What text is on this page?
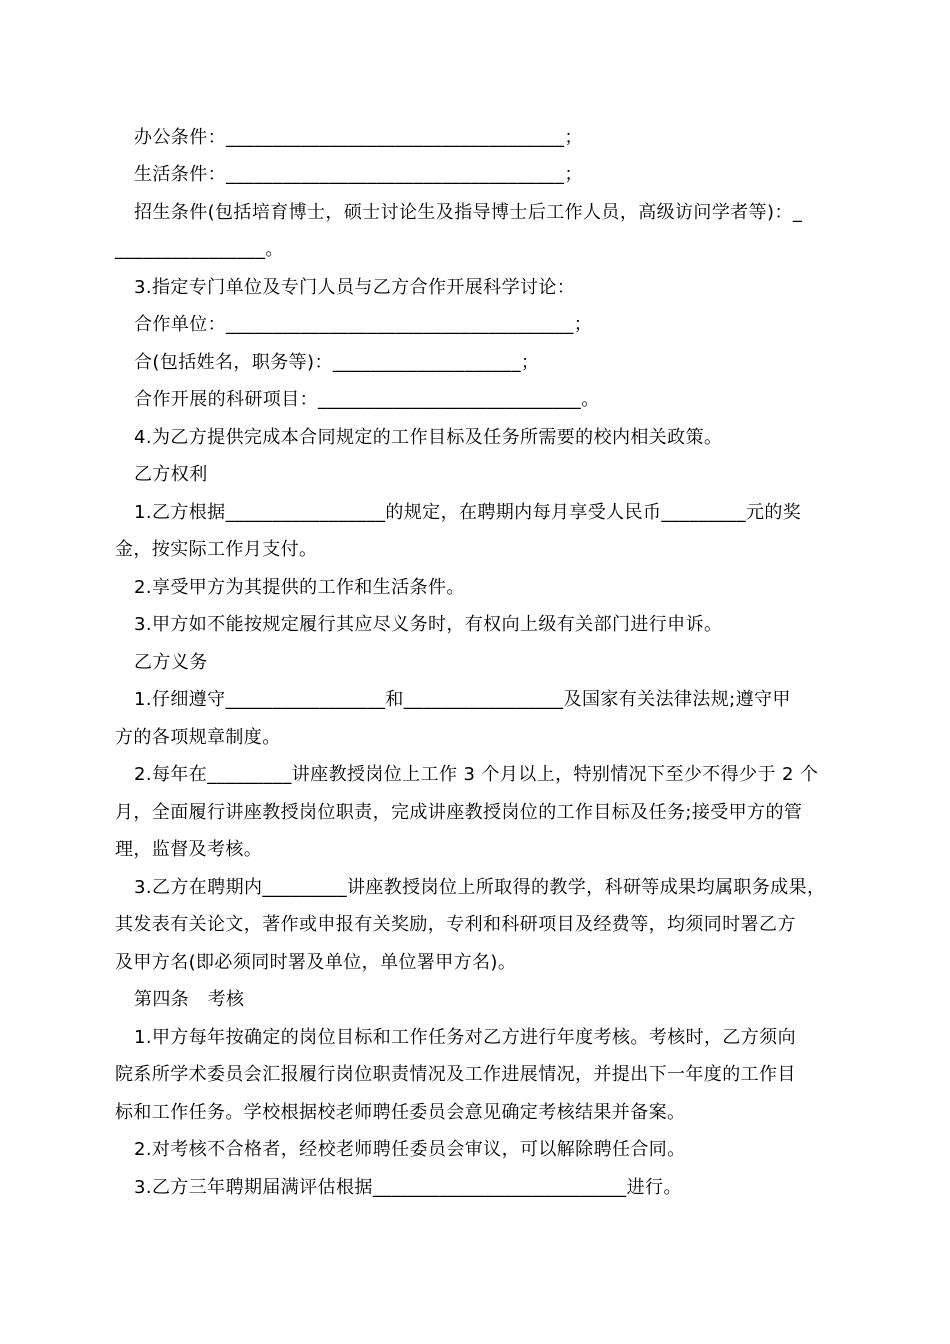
办公条件：____________________________________；
生活条件：____________________________________；
招生条件(包括培育博士，硕士讨论生及指导博士后工作人员，高级访问学者等)：_
________________。
3.指定专门单位及专门人员与乙方合作开展科学讨论：
合作单位：_____________________________________；
合(包括姓名，职务等)：____________________；
合作开展的科研项目：____________________________。
4.为乙方提供完成本合同规定的工作目标及任务所需要的校内相关政策。
乙方权利
1.乙方根据_________________的规定，在聘期内每月享受人民币_________元的奖
金，按实际工作月支付。
2.享受甲方为其提供的工作和生活条件。
3.甲方如不能按规定履行其应尽义务时，有权向上级有关部门进行申诉。
乙方义务
1.仔细遵守_________________和_________________及国家有关法律法规;遵守甲
方的各项规章制度。
2.每年在_________讲座教授岗位上工作 3 个月以上，特别情况下至少不得少于 2 个
月，全面履行讲座教授岗位职责，完成讲座教授岗位的工作目标及任务;接受甲方的管
理，监督及考核。
3.乙方在聘期内_________讲座教授岗位上所取得的教学，科研等成果均属职务成果，
其发表有关论文，著作或申报有关奖励，专利和科研项目及经费等，均须同时署乙方
及甲方名(即必须同时署及单位，单位署甲方名)。
第四条　考核
1.甲方每年按确定的岗位目标和工作任务对乙方进行年度考核。考核时，乙方须向
院系所学术委员会汇报履行岗位职责情况及工作进展情况，并提出下一年度的工作目
标和工作任务。学校根据校老师聘任委员会意见确定考核结果并备案。
2.对考核不合格者，经校老师聘任委员会审议，可以解除聘任合同。
3.乙方三年聘期届满评估根据___________________________进行。
